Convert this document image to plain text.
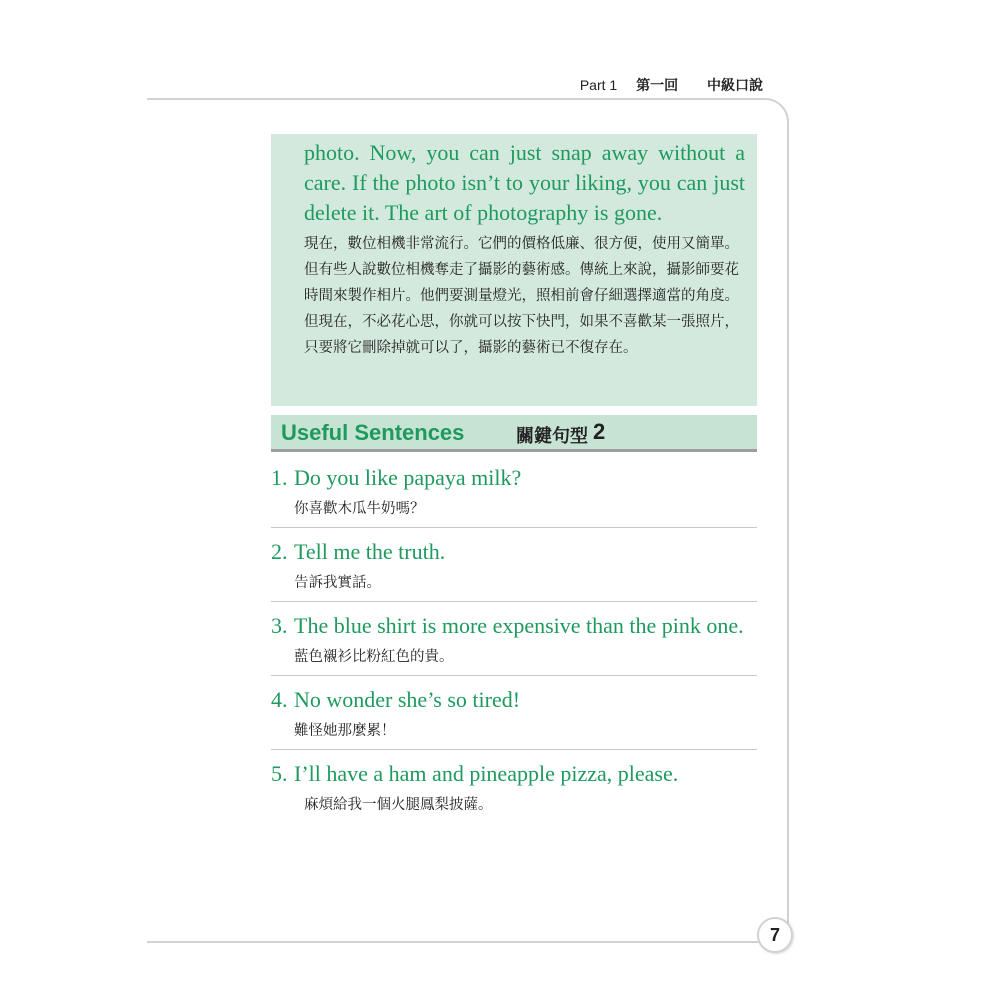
Part 1 第一回 中級口說

photo. Now, you can just snap away without a care. If the photo isn’t to your liking, you can just delete it. The art of photography is gone.

現在，數位相機非常流行。它們的價格低廉、很方便，使用又簡單。但有些人說數位相機奪走了攝影的藝術感。傳統上來說，攝影師要花時間來製作相片。他們要測量燈光，照相前會仔細選擇適當的角度。但現在，不必花心思，你就可以按下快門，如果不喜歡某一張照片，只要將它刪除掉就可以了，攝影的藝術已不復存在。

Useful Sentences	關鍵句型 2
1. Do you like papaya milk?
你喜歡木瓜牛奶嗎？
2. Tell me the truth.
告訴我實話。
3. The blue shirt is more expensive than the pink one.
藍色襯衫比粉紅色的貴。
4. No wonder she’s so tired!
難怪她那麼累！
5. I’ll have a ham and pineapple pizza, please.
麻煩給我一個火腿鳳梨披薩。
7
